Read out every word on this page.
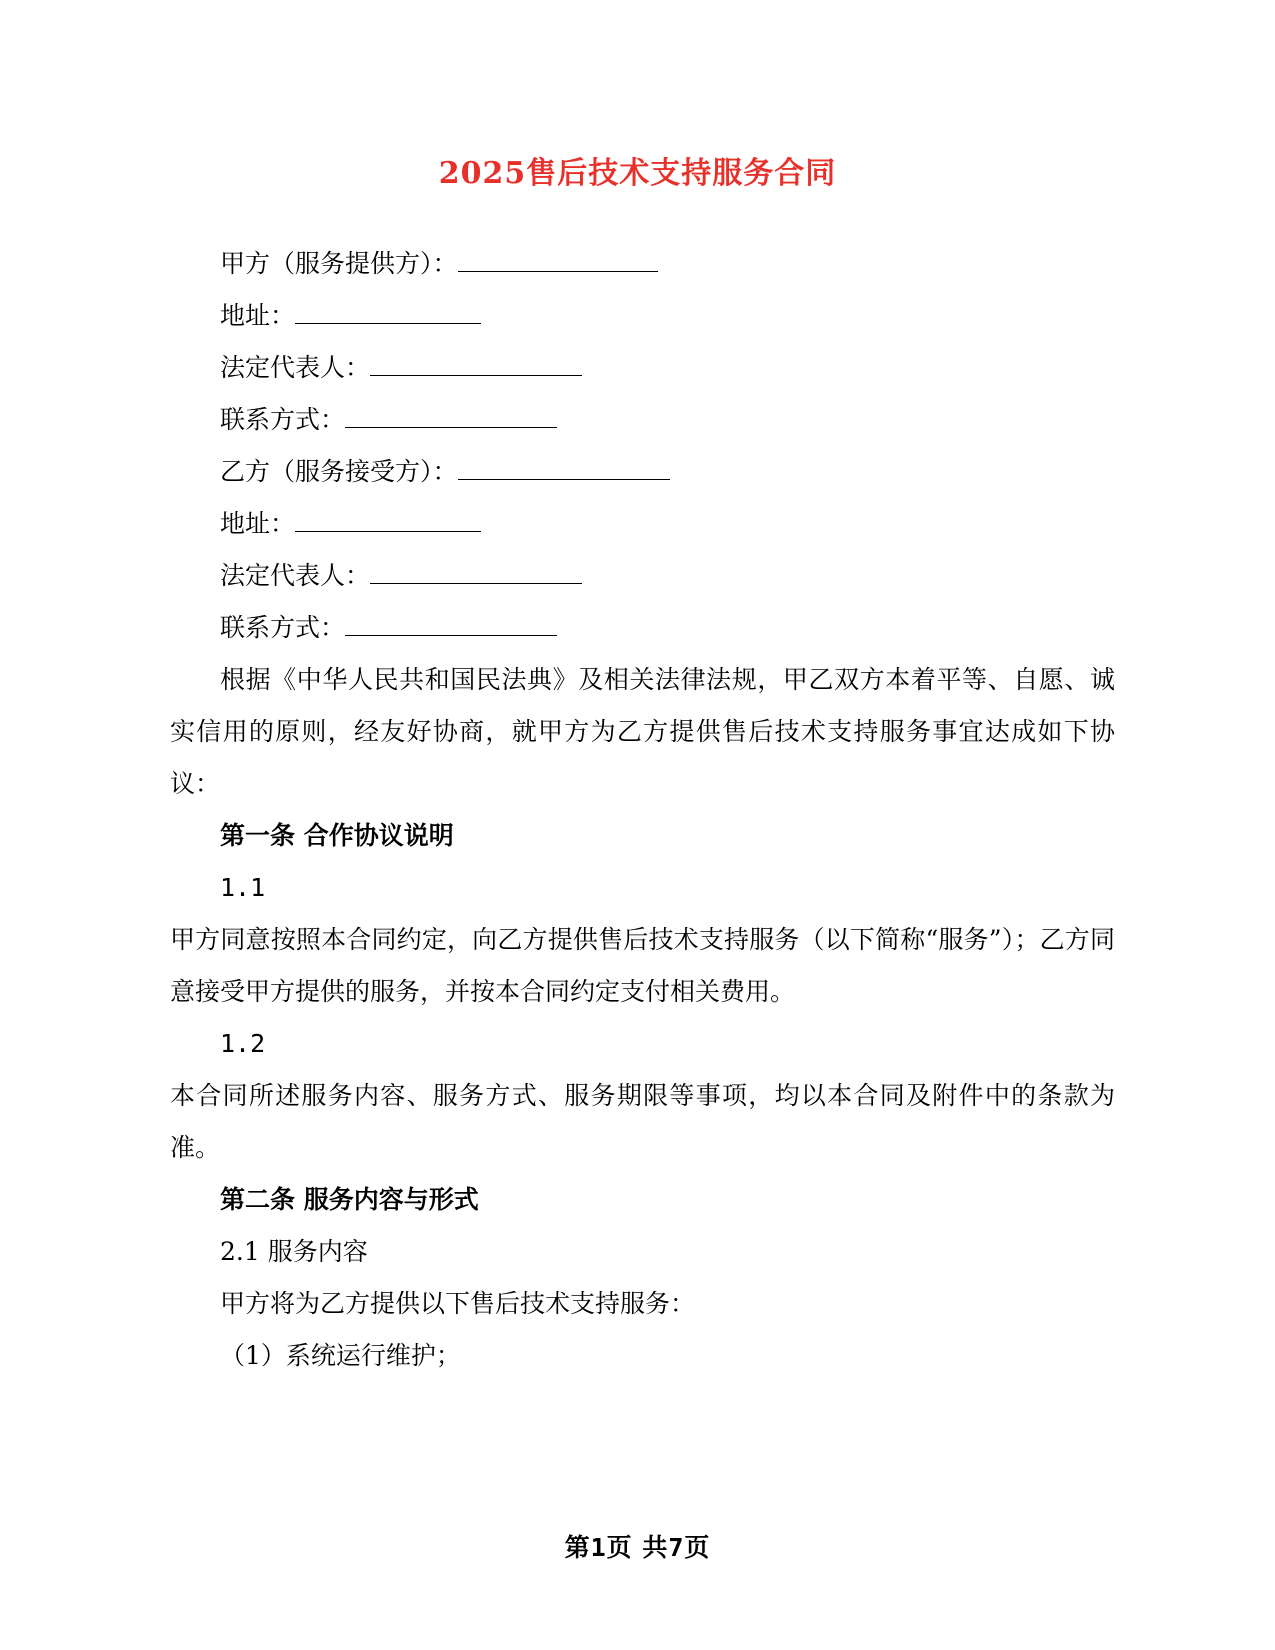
2025售后技术支持服务合同
甲方（服务提供方）：
地址：
法定代表人：
联系方式：
乙方（服务接受方）：
地址：
法定代表人：
联系方式：

根据《中华人民共和国民法典》及相关法律法规，甲乙双方本着平等、自愿、诚实信用的原则，经友好协商，就甲方为乙方提供售后技术支持服务事宜达成如下协议：

第一条 合作协议说明

1.1

甲方同意按照本合同约定，向乙方提供售后技术支持服务（以下简称“服务”）；乙方同意接受甲方提供的服务，并按本合同约定支付相关费用。

1.2

本合同所述服务内容、服务方式、服务期限等事项，均以本合同及附件中的条款为准。

第二条 服务内容与形式

2.1 服务内容

甲方将为乙方提供以下售后技术支持服务：

（1）系统运行维护；

第1页 共7页
